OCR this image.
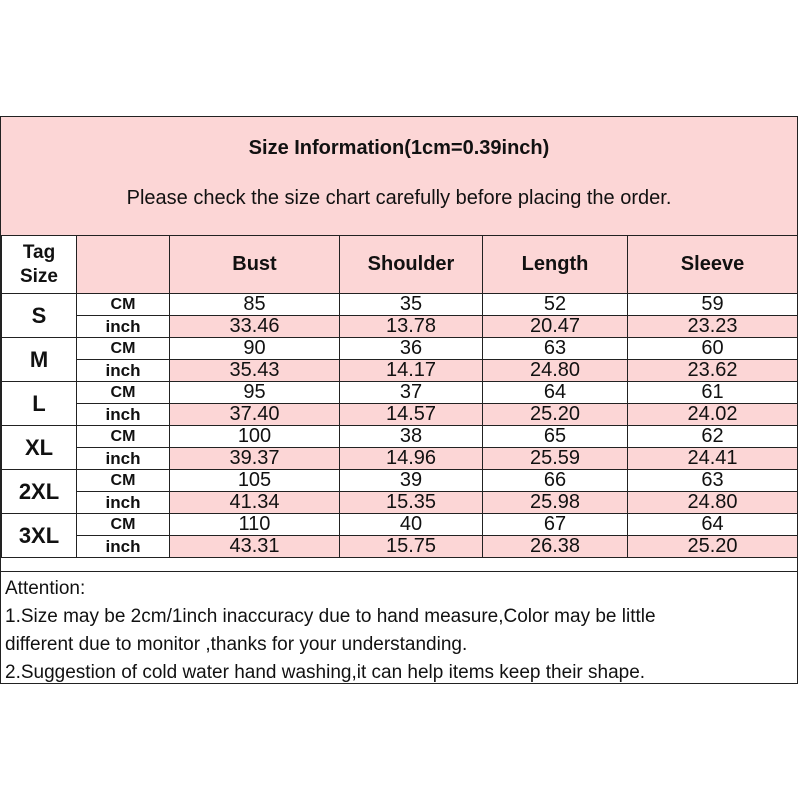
Size Information(1cm=0.39inch)
Please check the size chart carefully before placing the order.
Tag
Size		Bust	Shoulder	Length	Sleeve
S	CM	85	35	52	59
	inch	33.46	13.78	20.47	23.23
M	CM	90	36	63	60
	inch	35.43	14.17	24.80	23.62
L	CM	95	37	64	61
	inch	37.40	14.57	25.20	24.02
XL	CM	100	38	65	62
	inch	39.37	14.96	25.59	24.41
2XL	CM	105	39	66	63
	inch	41.34	15.35	25.98	24.80
3XL	CM	110	40	67	64
	inch	43.31	15.75	26.38	25.20
Attention:
1.Size may be 2cm/1inch inaccuracy due to hand measure,Color may be little
different due to monitor ,thanks for your understanding.
2.Suggestion of cold water hand washing,it can help items keep their shape.
